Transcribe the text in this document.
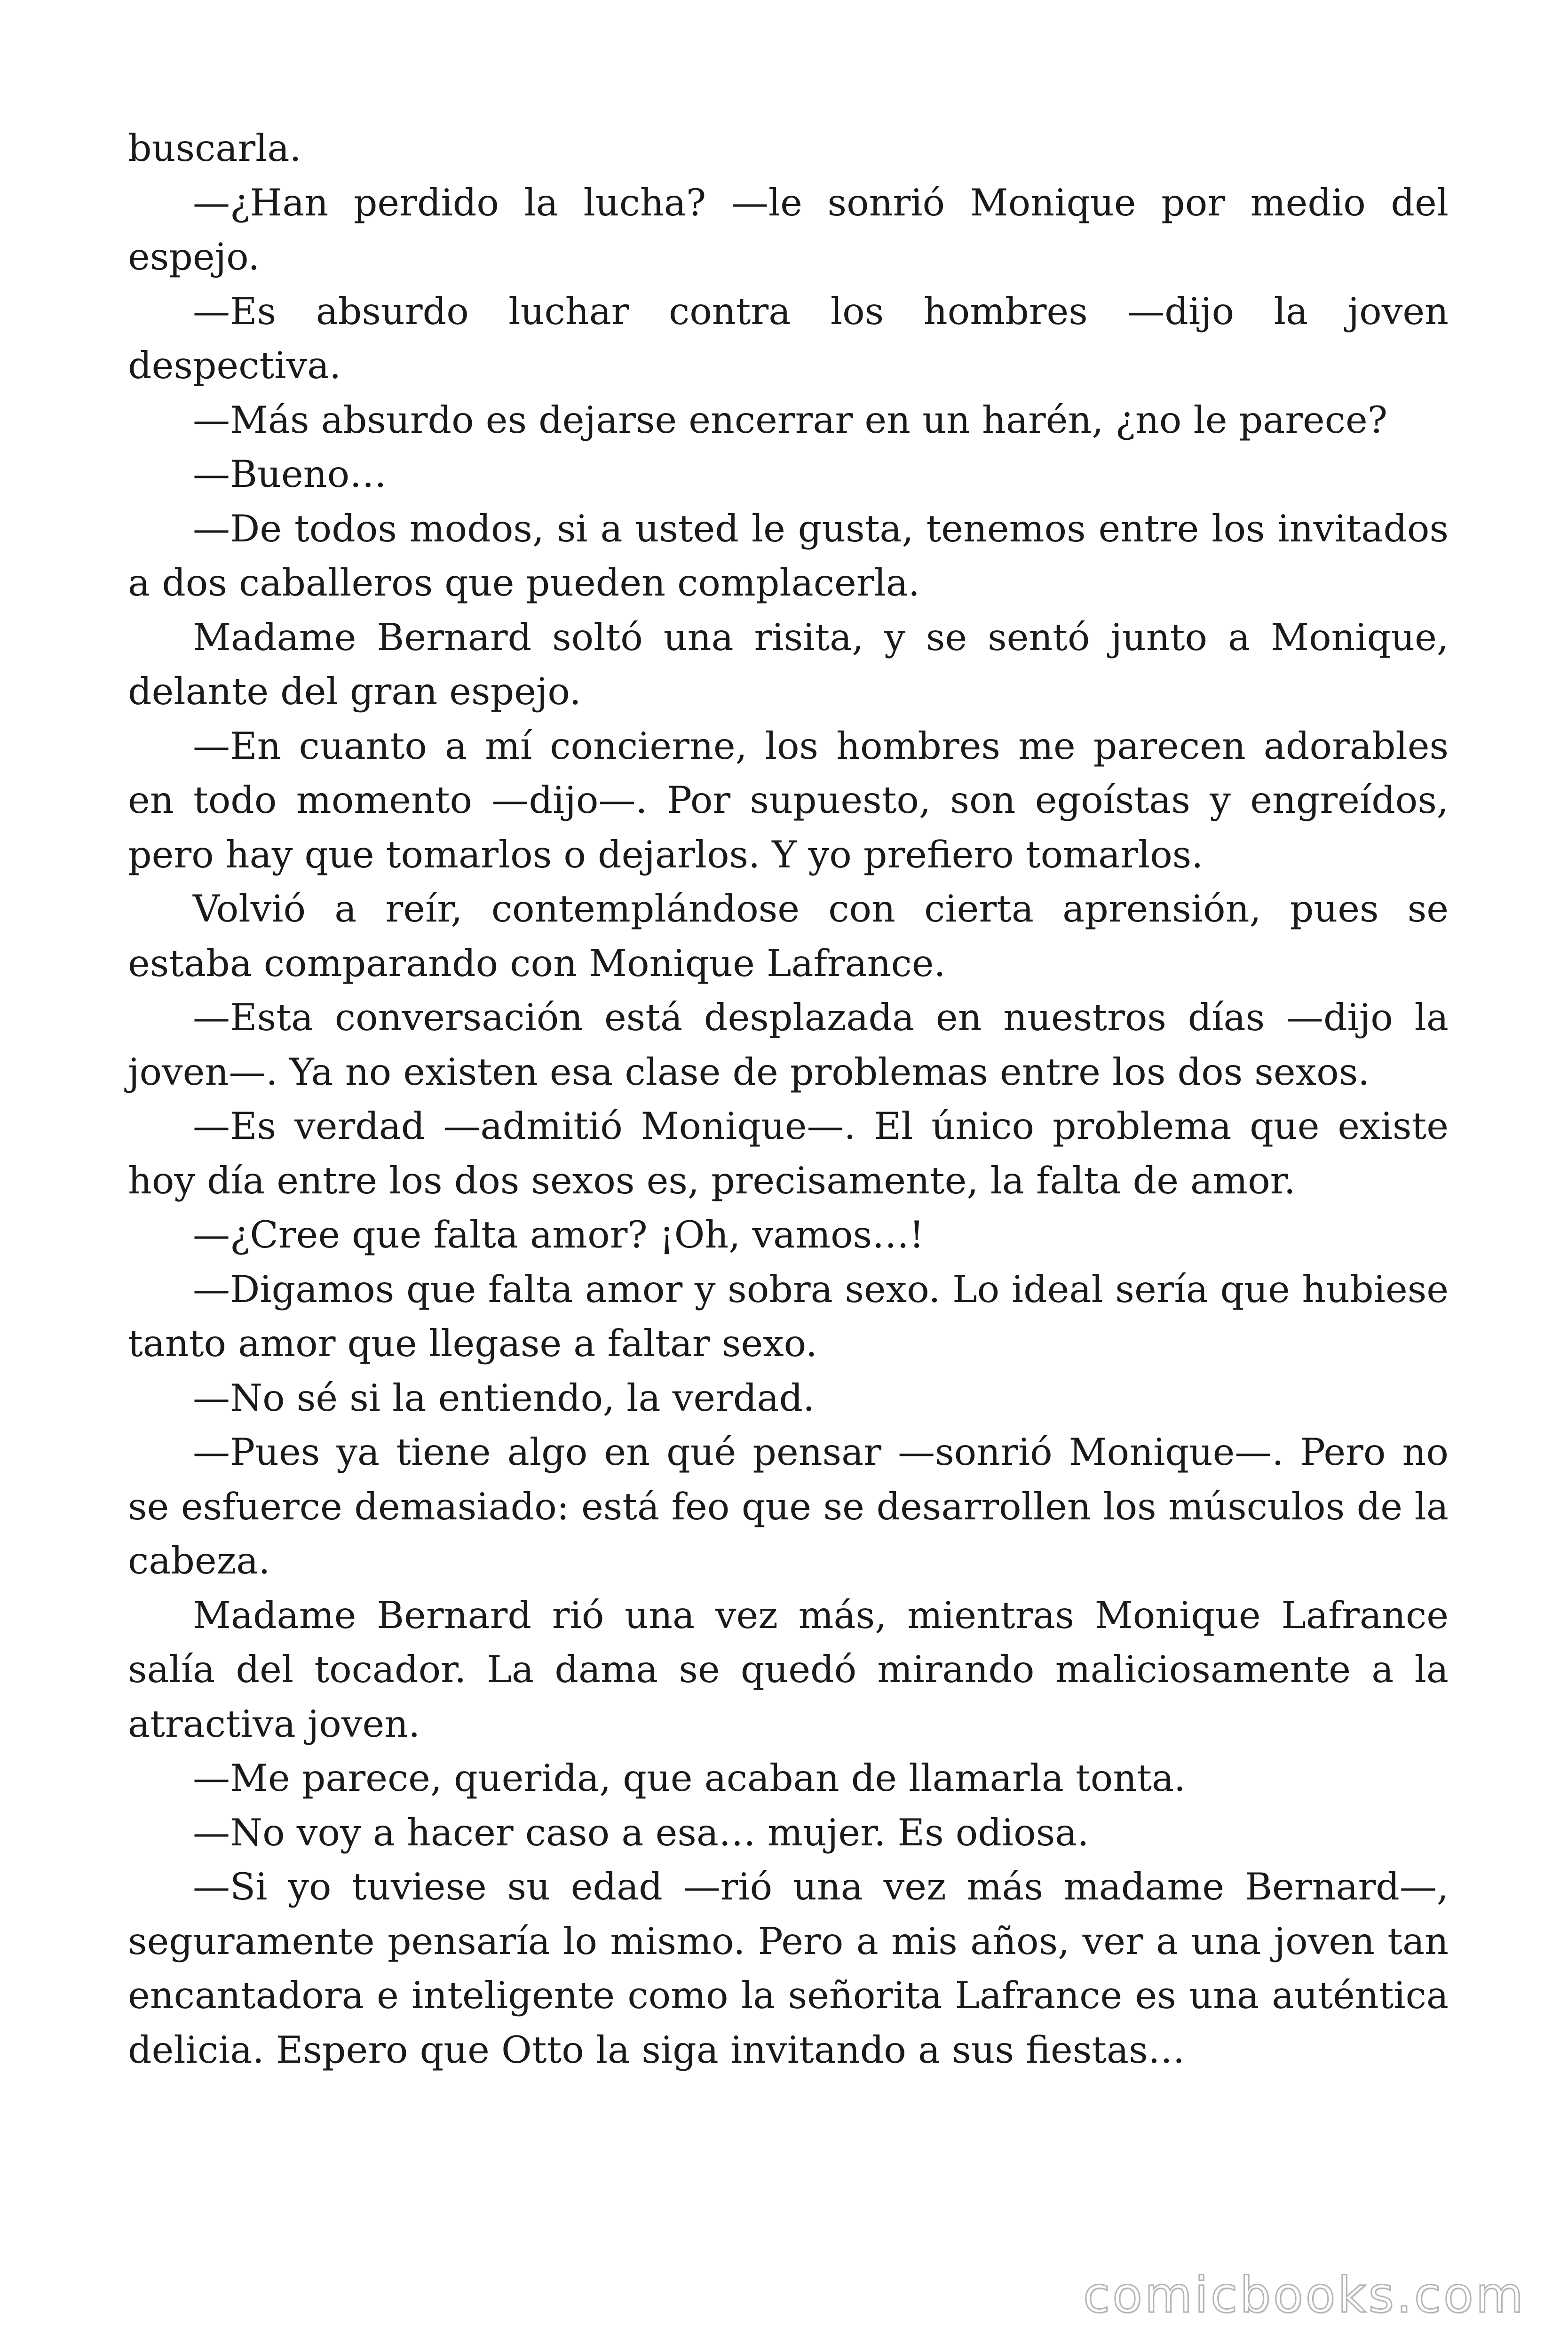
buscarla.

—¿Han perdido la lucha? —le sonrió Monique por medio del espejo.

—Es absurdo luchar contra los hombres —dijo la joven despectiva.

—Más absurdo es dejarse encerrar en un harén, ¿no le parece?

—Bueno…

—De todos modos, si a usted le gusta, tenemos entre los invitados a dos caballeros que pueden complacerla.

Madame Bernard soltó una risita, y se sentó junto a Monique, delante del gran espejo.

—En cuanto a mí concierne, los hombres me parecen adorables en todo momento —dijo—. Por supuesto, son egoístas y engreídos, pero hay que tomarlos o dejarlos. Y yo prefiero tomarlos.

Volvió a reír, contemplándose con cierta aprensión, pues se estaba comparando con Monique Lafrance.

—Esta conversación está desplazada en nuestros días —dijo la joven—. Ya no existen esa clase de problemas entre los dos sexos.

—Es verdad —admitió Monique—. El único problema que existe hoy día entre los dos sexos es, precisamente, la falta de amor.

—¿Cree que falta amor? ¡Oh, vamos…!

—Digamos que falta amor y sobra sexo. Lo ideal sería que hubiese tanto amor que llegase a faltar sexo.

—No sé si la entiendo, la verdad.

—Pues ya tiene algo en qué pensar —sonrió Monique—. Pero no se esfuerce demasiado: está feo que se desarrollen los músculos de la cabeza.

Madame Bernard rió una vez más, mientras Monique Lafrance salía del tocador. La dama se quedó mirando maliciosamente a la atractiva joven.

—Me parece, querida, que acaban de llamarla tonta.

—No voy a hacer caso a esa… mujer. Es odiosa.

—Si yo tuviese su edad —rió una vez más madame Bernard—, seguramente pensaría lo mismo. Pero a mis años, ver a una joven tan encantadora e inteligente como la señorita Lafrance es una auténtica delicia. Espero que Otto la siga invitando a sus fiestas…

comicbooks.com
